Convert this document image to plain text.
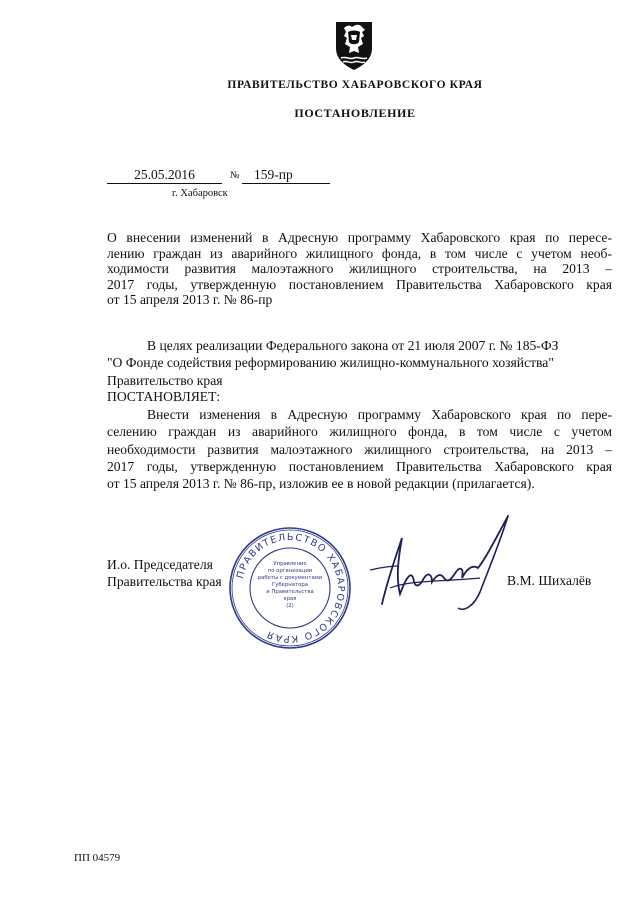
ПРАВИТЕЛЬСТВО ХАБАРОВСКОГО КРАЯ
ПОСТАНОВЛЕНИЕ
25.05.2016	№	159-пр
г. Хабаровск
О внесении изменений в Адресную программу Хабаровского края по пересе-
лению граждан из аварийного жилищного фонда, в том числе с учетом необ-
ходимости развития малоэтажного жилищного строительства, на 2013 –
2017 годы, утвержденную постановлением Правительства Хабаровского края
от 15 апреля 2013 г. № 86-пр
В целях реализации Федерального закона от 21 июля 2007 г. № 185-ФЗ
"О Фонде содействия реформированию жилищно-коммунального хозяйства"
Правительство края
ПОСТАНОВЛЯЕТ:
Внести изменения в Адресную программу Хабаровского края по пере-
селению граждан из аварийного жилищного фонда, в том числе с учетом
необходимости развития малоэтажного жилищного строительства, на 2013 –
2017 годы, утвержденную постановлением Правительства Хабаровского края
от 15 апреля 2013 г. № 86-пр, изложив ее в новой редакции (прилагается).
И.о. Председателя
Правительства края	В.М. Шихалёв
ПРАВИТЕЛЬСТВО ХАБАРОВСКОГО КРАЯ
Управление
по организации
работы с документами
Губернатора
и Правительства
края
(2)
ПП 04579
